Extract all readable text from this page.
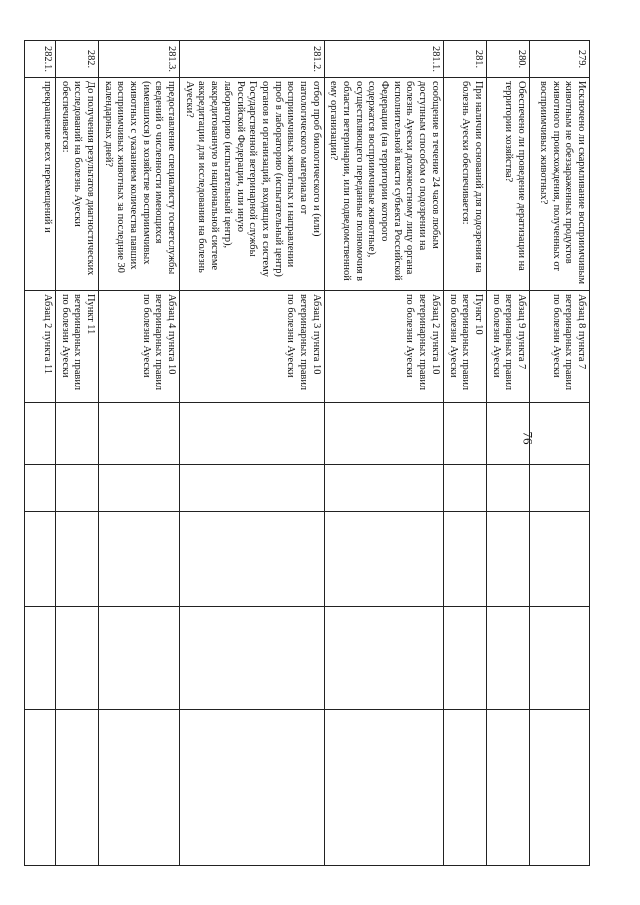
76
279.	Исключено ли скармливание восприимчивым животным не обеззараженных продуктов животного происхождения, полученных от восприимчивых животных?	Абзац 8 пункта 7 ветеринарных правил по болезни Ауески					
280.	Обеспечено ли проведение дератизации на территории хозяйства?	Абзац 9 пункта 7 ветеринарных правил по болезни Ауески					
281.	При наличии оснований для подозрения на болезнь Ауески обеспечивается:	Пункт 10 ветеринарных правил по болезни Ауески					
281.1.	сообщение в течение 24 часов любым доступным способом о подозрении на болезнь Ауески должностному лицу органа исполнительной власти субъекта Российской Федерации (на территории которого содержатся восприимчивые животные), осуществляющего переданные полномочия в области ветеринарии, или подведомственной ему организации?	Абзац 2 пункта 10 ветеринарных правил по болезни Ауески					
281.2.	отбор проб биологического и (или) патологического материала от восприимчивых животных и направлении проб в лабораторию (испытательный центр) органов и организаций, входящих в систему Государственной ветеринарной службы Российской Федерации, или иную лабораторию (испытательный центр), аккредитованную в национальной системе аккредитации для исследования на болезнь Ауески?	Абзац 3 пункта 10 ветеринарных правил по болезни Ауески					
281.3.	предоставление специалисту госветслужбы сведений о численности имеющихся (имевшихся) в хозяйстве восприимчивых животных с указанием количества павших восприимчивых животных за последние 30 календарных дней?	Абзац 4 пункта 10 ветеринарных правил по болезни Ауески					
282.	До получения результатов диагностических исследований на болезнь Ауески обеспечивается:	Пункт 11 ветеринарных правил по болезни Ауески					
282.1.	прекращение всех перемещений и	Абзац 2 пункта 11					
